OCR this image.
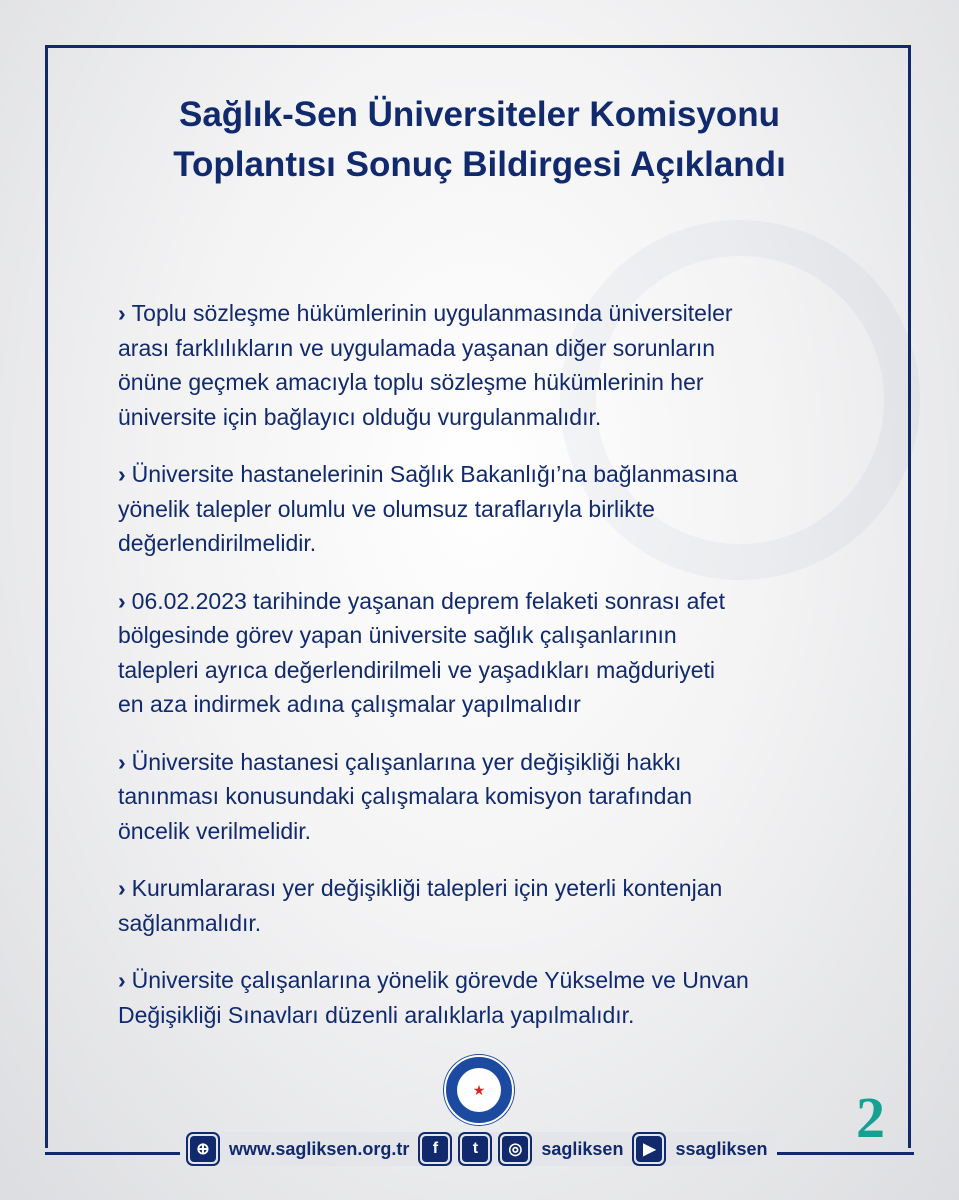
Sağlık-Sen Üniversiteler Komisyonu
Toplantısı Sonuç Bildirgesi Açıklandı
› Toplu sözleşme hükümlerinin uygulanmasında üniversiteler
arası farklılıkların ve uygulamada yaşanan diğer sorunların
önüne geçmek amacıyla toplu sözleşme hükümlerinin her
üniversite için bağlayıcı olduğu vurgulanmalıdır.
› Üniversite hastanelerinin Sağlık Bakanlığı’na bağlanmasına
yönelik talepler olumlu ve olumsuz taraflarıyla birlikte
değerlendirilmelidir.
› 06.02.2023 tarihinde yaşanan deprem felaketi sonrası afet
bölgesinde görev yapan üniversite sağlık çalışanlarının
talepleri ayrıca değerlendirilmeli ve yaşadıkları mağduriyeti
en aza indirmek adına çalışmalar yapılmalıdır
› Üniversite hastanesi çalışanlarına yer değişikliği hakkı
tanınması konusundaki çalışmalara komisyon tarafından
öncelik verilmelidir.
› Kurumlararası yer değişikliği talepleri için yeterli kontenjan
sağlanmalıdır.
› Üniversite çalışanlarına yönelik görevde Yükselme ve Unvan
Değişikliği Sınavları düzenli aralıklarla yapılmalıdır.
★	2
⊕	www.sagliksen.org.tr	f	t	◎	sagliksen	▶	ssagliksen
